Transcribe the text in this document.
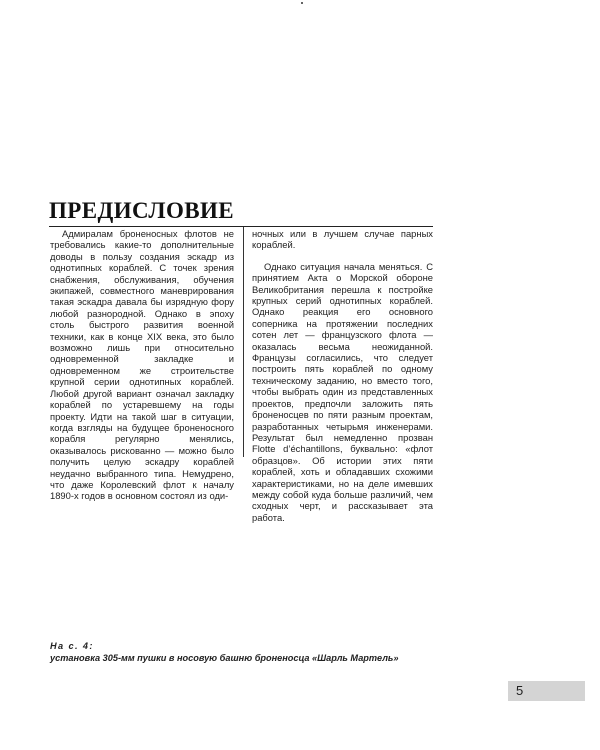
ПРЕДИСЛОВИЕ

Адмиралам броненосных флотов не требовались какие-то дополнительные доводы в пользу создания эскадр из однотипных кораблей. С точек зрения снабжения, обслуживания, обучения экипажей, совместного маневрирования такая эскадра давала бы изрядную фору любой разнородной. Однако в эпоху столь быстрого развития военной техники, как в конце XIX века, это было возможно лишь при относительно одновременной закладке и одновременном же строительстве крупной серии однотипных кораблей. Любой другой вариант означал закладку кораблей по устаревшему на годы проекту. Идти на такой шаг в ситуации, когда взгляды на будущее броненосного корабля регулярно менялись, оказывалось рискованно — можно было получить целую эскадру кораблей неудачно выбранного типа. Немудрено, что даже Королевский флот к началу 1890-х годов в основном состоял из оди-

ночных или в лучшем случае парных кораблей.

Однако ситуация начала меняться. С принятием Акта о Морской обороне Великобритания перешла к постройке крупных серий однотипных кораблей. Однако реакция его основного соперника на протяжении последних сотен лет — французского флота — оказалась весьма неожиданной. Французы согласились, что следует построить пять кораблей по одному техническому заданию, но вместо того, чтобы выбрать один из представленных проектов, предпочли заложить пять броненосцев по пяти разным проектам, разработанных четырьмя инженерами. Результат был немедленно прозван Flotte d’échantillons, буквально: «флот образцов». Об истории этих пяти кораблей, хоть и обладавших схожими характеристиками, но на деле имевших между собой куда больше различий, чем сходных черт, и рассказывает эта работа.

На с. 4:
установка 305-мм пушки в носовую башню броненосца «Шарль Мартель»
5
